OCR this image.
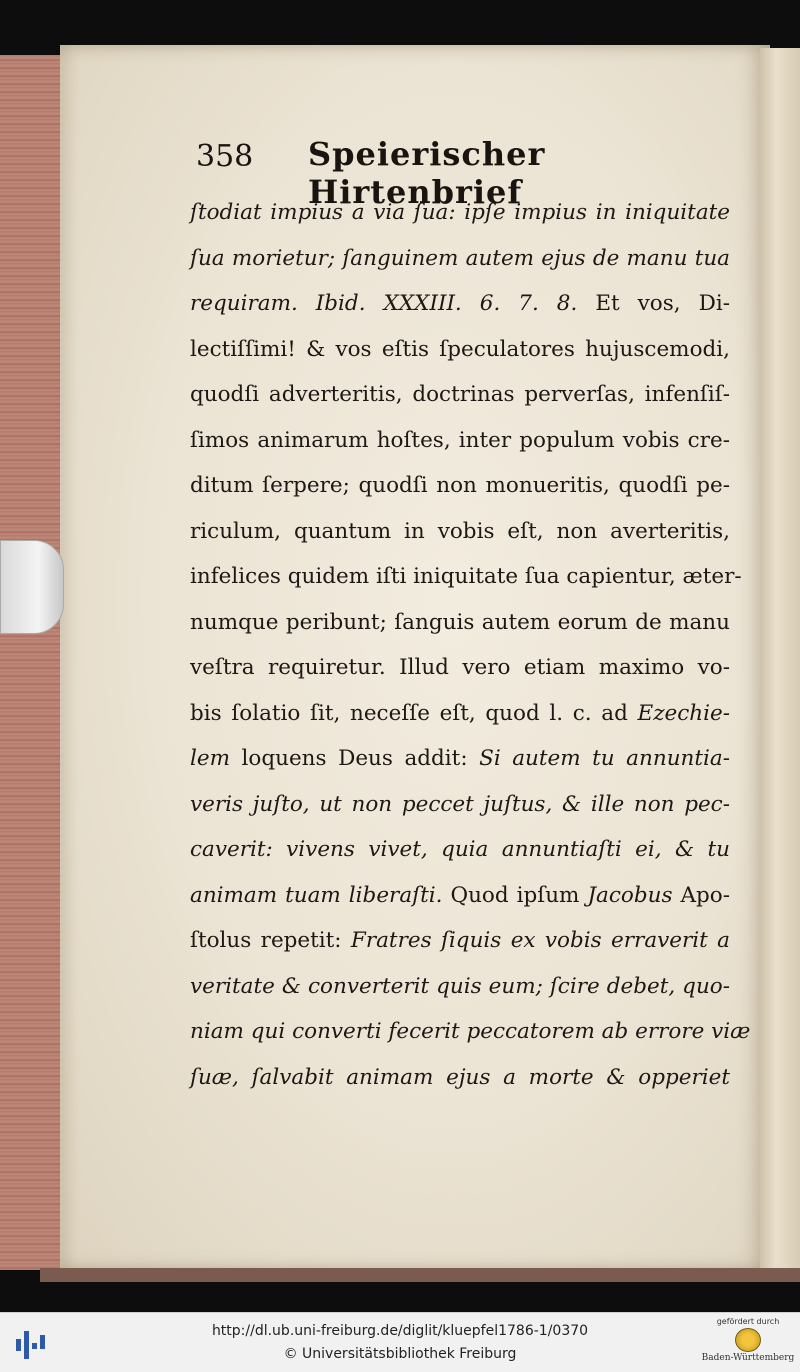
358 Speierischer Hirtenbrief
ſtodiat impius a via ſua: ipſe impius in iniquitate
ſua morietur; ſanguinem autem ejus de manu tua
requiram. Ibid. XXXIII. 6. 7. 8. Et vos, Di-
lectiſſimi! & vos eſtis ſpeculatores hujuscemodi,
quodſi adverteritis, doctrinas perverſas, infenſiſ-
ſimos animarum hoſtes, inter populum vobis cre-
ditum ſerpere; quodſi non monueritis, quodſi pe-
riculum, quantum in vobis eſt, non averteritis,
infelices quidem iſti iniquitate ſua capientur, æter-
numque peribunt; ſanguis autem eorum de manu
veſtra requiretur. Illud vero etiam maximo vo-
bis ſolatio ſit, neceſſe eſt, quod l. c. ad Ezechie-
lem loquens Deus addit: Si autem tu annuntia-
veris juſto, ut non peccet juſtus, & ille non pec-
caverit: vivens vivet, quia annuntiaſti ei, & tu
animam tuam liberaſti. Quod ipſum Jacobus Apo-
ſtolus repetit: Fratres ſiquis ex vobis erraverit a
veritate & converterit quis eum; ſcire debet, quo-
niam qui converti fecerit peccatorem ab errore viæ
ſuæ, ſalvabit animam ejus a morte & opperiet
http://dl.ub.uni-freiburg.de/diglit/kluepfel1786-1/0370
© Universitätsbibliothek Freiburg
gefördert durch
Baden-Württemberg
